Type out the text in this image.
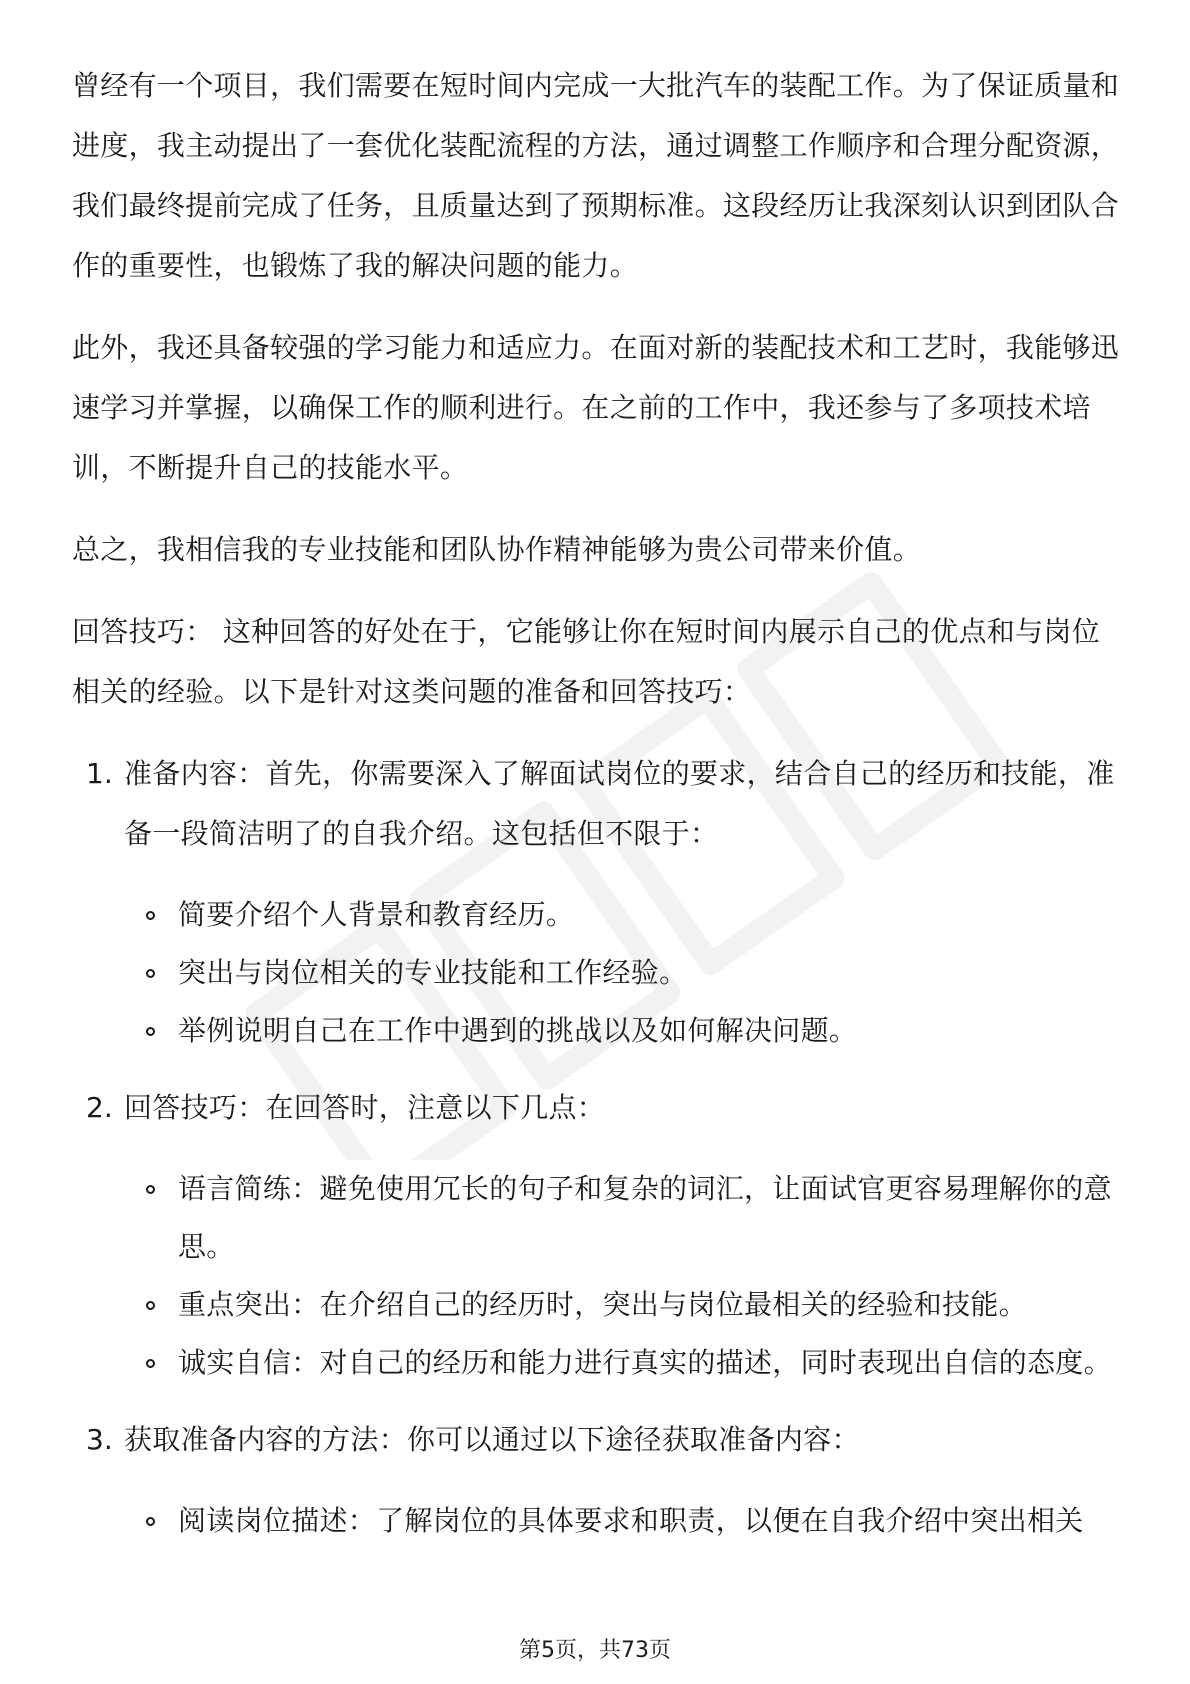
曾经有一个项目，我们需要在短时间内完成一大批汽车的装配工作。为了保证质量和进度，我主动提出了一套优化装配流程的方法，通过调整工作顺序和合理分配资源，我们最终提前完成了任务，且质量达到了预期标准。这段经历让我深刻认识到团队合作的重要性，也锻炼了我的解决问题的能力。

此外，我还具备较强的学习能力和适应力。在面对新的装配技术和工艺时，我能够迅速学习并掌握，以确保工作的顺利进行。在之前的工作中，我还参与了多项技术培训，不断提升自己的技能水平。

总之，我相信我的专业技能和团队协作精神能够为贵公司带来价值。

回答技巧： 这种回答的好处在于，它能够让你在短时间内展示自己的优点和与岗位相关的经验。以下是针对这类问题的准备和回答技巧：

1. 准备内容：首先，你需要深入了解面试岗位的要求，结合自己的经历和技能，准备一段简洁明了的自我介绍。这包括但不限于：
简要介绍个人背景和教育经历。
突出与岗位相关的专业技能和工作经验。
举例说明自己在工作中遇到的挑战以及如何解决问题。
2. 回答技巧：在回答时，注意以下几点：
语言简练：避免使用冗长的句子和复杂的词汇，让面试官更容易理解你的意思。
重点突出：在介绍自己的经历时，突出与岗位最相关的经验和技能。
诚实自信：对自己的经历和能力进行真实的描述，同时表现出自信的态度。
3. 获取准备内容的方法：你可以通过以下途径获取准备内容：
阅读岗位描述：了解岗位的具体要求和职责，以便在自我介绍中突出相关
第5页，共73页
